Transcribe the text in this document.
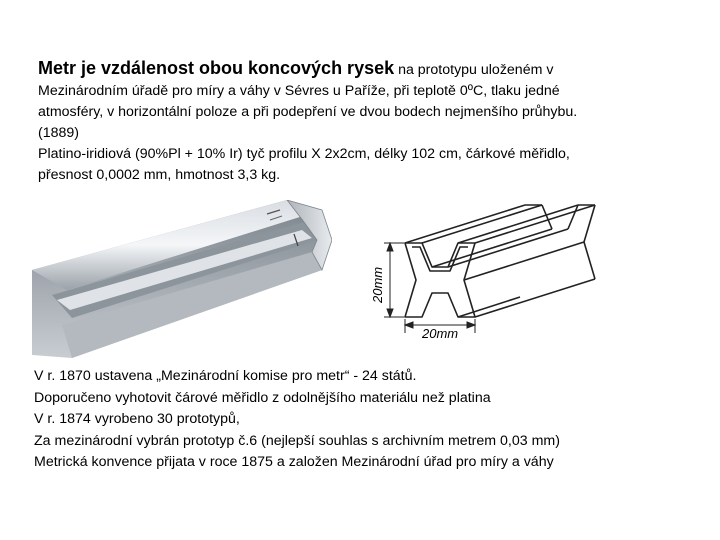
Metr je vzdálenost obou koncových rysek na prototypu uloženém v
Mezinárodním úřadě pro míry a váhy v Sévres u Paříže, při teplotě 0ºC, tlaku jedné
atmosféry, v horizontální poloze a při podepření ve dvou bodech nejmenšího průhybu.
(1889)
Platino-iridiová (90%Pl + 10% Ir) tyč profilu X 2x2cm, délky 102 cm, čárkové měřidlo,
přesnost 0,0002 mm, hmotnost 3,3 kg.
20mm
20mm
V r. 1870 ustavena „Mezinárodní komise pro metr“ - 24 států.
Doporučeno vyhotovit čárové měřidlo z odolnějšího materiálu než platina
V r. 1874 vyrobeno 30 prototypů,
Za mezinárodní vybrán prototyp č.6 (nejlepší souhlas s archivním metrem 0,03 mm)
Metrická konvence přijata v roce 1875 a založen Mezinárodní úřad pro míry a váhy
